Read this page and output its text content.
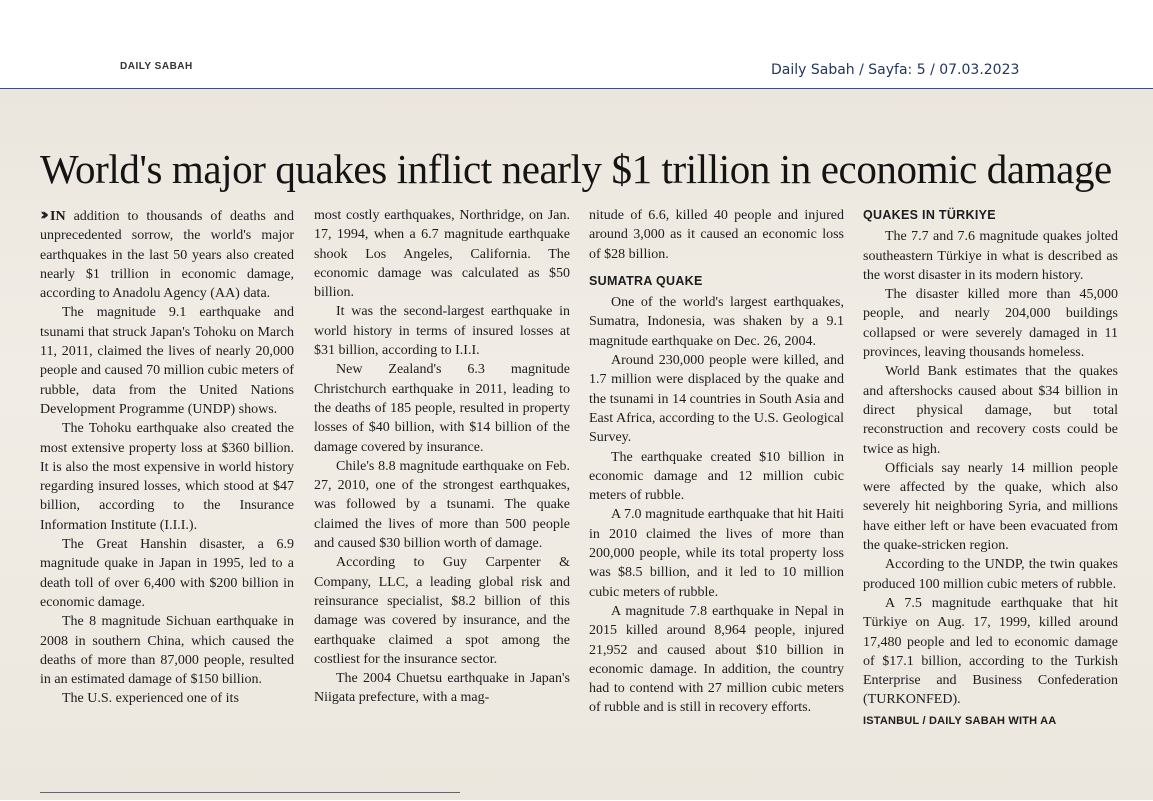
DAILY SABAH	Daily Sabah / Sayfa: 5 / 07.03.2023
World's major quakes inflict nearly $1 trillion in economic damage

›› IN addition to thousands of deaths and unprecedented sorrow, the world's major earthquakes in the last 50 years also created nearly $1 trillion in economic damage, according to Anadolu Agency (AA) data.

The magnitude 9.1 earthquake and tsunami that struck Japan's Tohoku on March 11, 2011, claimed the lives of nearly 20,000 people and caused 70 million cubic meters of rubble, data from the United Nations Development Programme (UNDP) shows.

The Tohoku earthquake also created the most extensive property loss at $360 billion. It is also the most expensive in world history regarding insured losses, which stood at $47 billion, according to the Insurance Information Institute (I.I.I.).

The Great Hanshin disaster, a 6.9 magnitude quake in Japan in 1995, led to a death toll of over 6,400 with $200 billion in economic damage.

The 8 magnitude Sichuan earthquake in 2008 in southern China, which caused the deaths of more than 87,000 people, resulted in an estimated damage of $150 billion.

The U.S. experienced one of its

most costly earthquakes, Northridge, on Jan. 17, 1994, when a 6.7 magnitude earthquake shook Los Angeles, California. The economic damage was calculated as $50 billion.

It was the second-largest earthquake in world history in terms of insured losses at $31 billion, according to I.I.I.

New Zealand's 6.3 magnitude Christchurch earthquake in 2011, leading to the deaths of 185 people, resulted in property losses of $40 billion, with $14 billion of the damage covered by insurance.

Chile's 8.8 magnitude earthquake on Feb. 27, 2010, one of the strongest earthquakes, was followed by a tsunami. The quake claimed the lives of more than 500 people and caused $30 billion worth of damage.

According to Guy Carpenter & Company, LLC, a leading global risk and reinsurance specialist, $8.2 billion of this damage was covered by insurance, and the earthquake claimed a spot among the costliest for the insurance sector.

The 2004 Chuetsu earthquake in Japan's Niigata prefecture, with a mag-

nitude of 6.6, killed 40 people and injured around 3,000 as it caused an economic loss of $28 billion.

SUMATRA QUAKE

One of the world's largest earthquakes, Sumatra, Indonesia, was shaken by a 9.1 magnitude earthquake on Dec. 26, 2004.

Around 230,000 people were killed, and 1.7 million were displaced by the quake and the tsunami in 14 countries in South Asia and East Africa, according to the U.S. Geological Survey.

The earthquake created $10 billion in economic damage and 12 million cubic meters of rubble.

A 7.0 magnitude earthquake that hit Haiti in 2010 claimed the lives of more than 200,000 people, while its total property loss was $8.5 billion, and it led to 10 million cubic meters of rubble.

A magnitude 7.8 earthquake in Nepal in 2015 killed around 8,964 people, injured 21,952 and caused about $10 billion in economic damage. In addition, the country had to contend with 27 million cubic meters of rubble and is still in recovery efforts.

QUAKES IN TÜRKIYE

The 7.7 and 7.6 magnitude quakes jolted southeastern Türkiye in what is described as the worst disaster in its modern history.

The disaster killed more than 45,000 people, and nearly 204,000 buildings collapsed or were severely damaged in 11 provinces, leaving thousands homeless.

World Bank estimates that the quakes and aftershocks caused about $34 billion in direct physical damage, but total reconstruction and recovery costs could be twice as high.

Officials say nearly 14 million people were affected by the quake, which also severely hit neighboring Syria, and millions have either left or have been evacuated from the quake-stricken region.

According to the UNDP, the twin quakes produced 100 million cubic meters of rubble.

A 7.5 magnitude earthquake that hit Türkiye on Aug. 17, 1999, killed around 17,480 people and led to economic damage of $17.1 billion, according to the Turkish Enterprise and Business Confederation (TURKONFED).

ISTANBUL / DAILY SABAH WITH AA
